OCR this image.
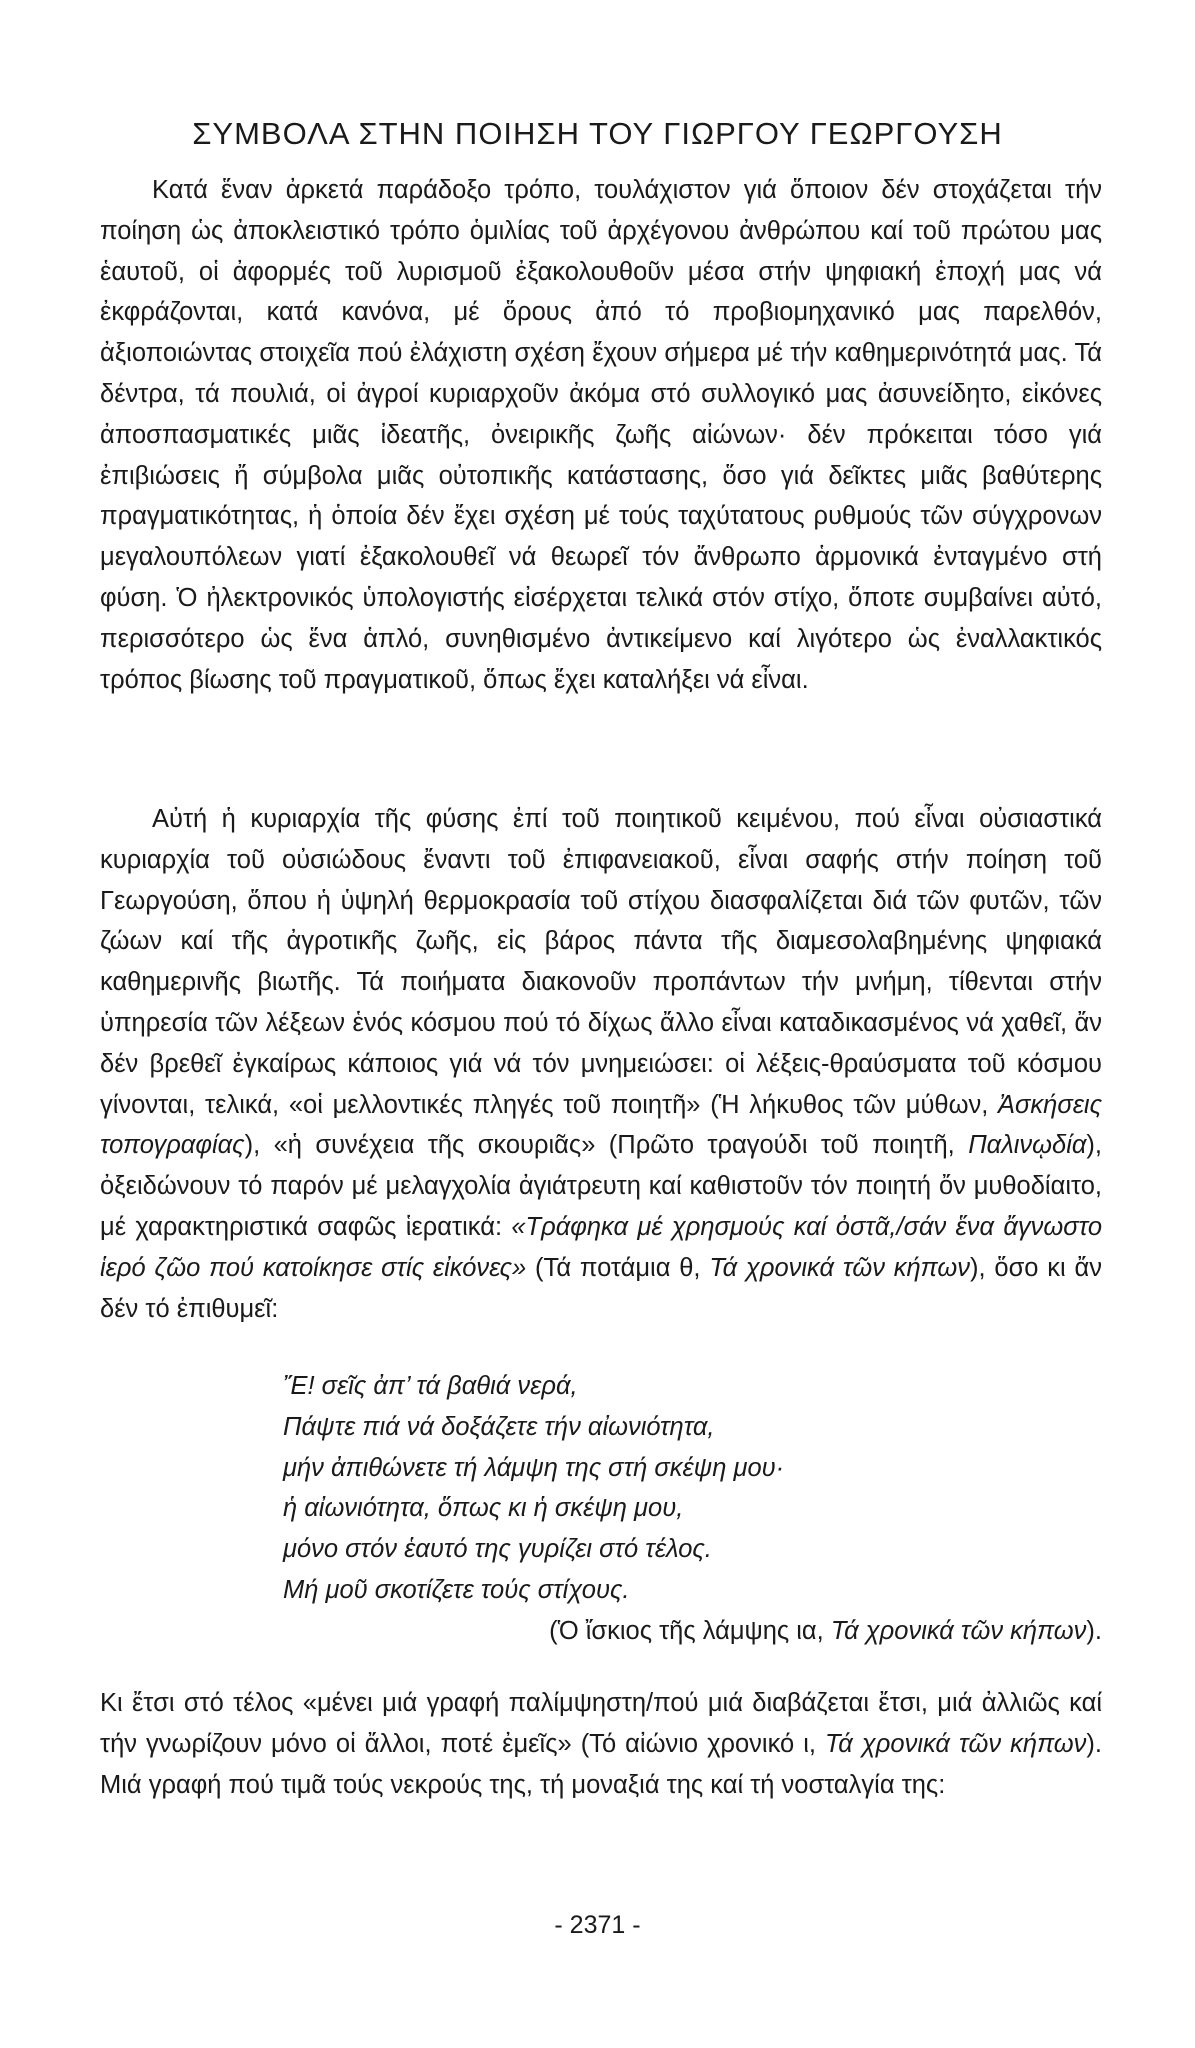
ΣΥΜΒΟΛΑ ΣΤΗΝ ΠΟΙΗΣΗ ΤΟΥ ΓΙΩΡΓΟΥ ΓΕΩΡΓΟΥΣΗ

Κατά ἕναν ἀρκετά παράδοξο τρόπο, τουλάχιστον γιά ὅποιον δέν στοχάζεται τήν ποίηση ὡς ἀποκλειστικό τρόπο ὁμιλίας τοῦ ἀρχέγονου ἀνθρώπου καί τοῦ πρώτου μας ἑαυτοῦ, οἱ ἀφορμές τοῦ λυρισμοῦ ἐξακολουθοῦν μέσα στήν ψηφιακή ἐποχή μας νά ἐκφράζονται, κατά κανόνα, μέ ὅρους ἀπό τό προβιομηχανικό μας παρελθόν, ἀξιοποιώντας στοιχεῖα πού ἐλάχιστη σχέση ἔχουν σήμερα μέ τήν καθημερινότητά μας. Τά δέντρα, τά πουλιά, οἱ ἀγροί κυριαρχοῦν ἀκόμα στό συλλογικό μας ἀσυνείδητο, εἰκόνες ἀποσπασματικές μιᾶς ἰδεατῆς, ὀνειρικῆς ζωῆς αἰώνων· δέν πρόκειται τόσο γιά ἐπιβιώσεις ἤ σύμβολα μιᾶς οὐτοπικῆς κατάστασης, ὅσο γιά δεῖκτες μιᾶς βαθύτερης πραγματικότητας, ἡ ὁποία δέν ἔχει σχέση μέ τούς ταχύτατους ρυθμούς τῶν σύγχρονων μεγαλουπόλεων γιατί ἐξακολουθεῖ νά θεωρεῖ τόν ἄνθρωπο ἁρμονικά ἐνταγμένο στή φύση. Ὁ ἠλεκτρονικός ὑπολογιστής εἰσέρχεται τελικά στόν στίχο, ὅποτε συμβαίνει αὐτό, περισσότερο ὡς ἕνα ἁπλό, συνηθισμένο ἀντικείμενο καί λιγότερο ὡς ἐναλλακτικός τρόπος βίωσης τοῦ πραγματικοῦ, ὅπως ἔχει καταλήξει νά εἶναι.

Αὐτή ἡ κυριαρχία τῆς φύσης ἐπί τοῦ ποιητικοῦ κειμένου, πού εἶναι οὐσιαστικά κυριαρχία τοῦ οὐσιώδους ἔναντι τοῦ ἐπιφανειακοῦ, εἶναι σαφής στήν ποίηση τοῦ Γεωργούση, ὅπου ἡ ὑψηλή θερμοκρασία τοῦ στίχου διασφαλίζεται διά τῶν φυτῶν, τῶν ζώων καί τῆς ἀγροτικῆς ζωῆς, εἰς βάρος πάντα τῆς διαμεσολαβημένης ψηφιακά καθημερινῆς βιωτῆς. Τά ποιήματα διακονοῦν προπάντων τήν μνήμη, τίθενται στήν ὑπηρεσία τῶν λέξεων ἑνός κόσμου πού τό δίχως ἄλλο εἶναι καταδικασμένος νά χαθεῖ, ἄν δέν βρεθεῖ ἐγκαίρως κάποιος γιά νά τόν μνημειώσει: οἱ λέξεις-θραύσματα τοῦ κόσμου γίνονται, τελικά, «οἱ μελλοντικές πληγές τοῦ ποιητῆ» (Ἡ λήκυθος τῶν μύθων, Ἀσκήσεις τοπογραφίας), «ἡ συνέχεια τῆς σκουριᾶς» (Πρῶτο τραγούδι τοῦ ποιητῆ, Παλινῳδία), ὀξειδώνουν τό παρόν μέ μελαγχολία ἀγιάτρευτη καί καθιστοῦν τόν ποιητή ὄν μυθοδίαιτο, μέ χαρακτηριστικά σαφῶς ἱερατικά: «Τράφηκα μέ χρησμούς καί ὀστᾶ,/σάν ἕνα ἄγνωστο ἱερό ζῶο πού κατοίκησε στίς εἰκόνες» (Τά ποτάμια θ, Τά χρονικά τῶν κήπων), ὅσο κι ἄν δέν τό ἐπιθυμεῖ:

Ἔ! σεῖς ἀπ’ τά βαθιά νερά,
Πάψτε πιά νά δοξάζετε τήν αἰωνιότητα,
μήν ἀπιθώνετε τή λάμψη της στή σκέψη μου·
ἡ αἰωνιότητα, ὅπως κι ἡ σκέψη μου,
μόνο στόν ἑαυτό της γυρίζει στό τέλος.
Μή μοῦ σκοτίζετε τούς στίχους.

(Ὁ ἴσκιος τῆς λάμψης ια, Τά χρονικά τῶν κήπων).

Κι ἔτσι στό τέλος «μένει μιά γραφή παλίμψηστη/πού μιά διαβάζεται ἔτσι, μιά ἀλλιῶς καί τήν γνωρίζουν μόνο οἱ ἄλλοι, ποτέ ἐμεῖς» (Τό αἰώνιο χρονικό ι, Τά χρονικά τῶν κήπων). Μιά γραφή πού τιμᾶ τούς νεκρούς της, τή μοναξιά της καί τή νοσταλγία της:

- 2371 -
